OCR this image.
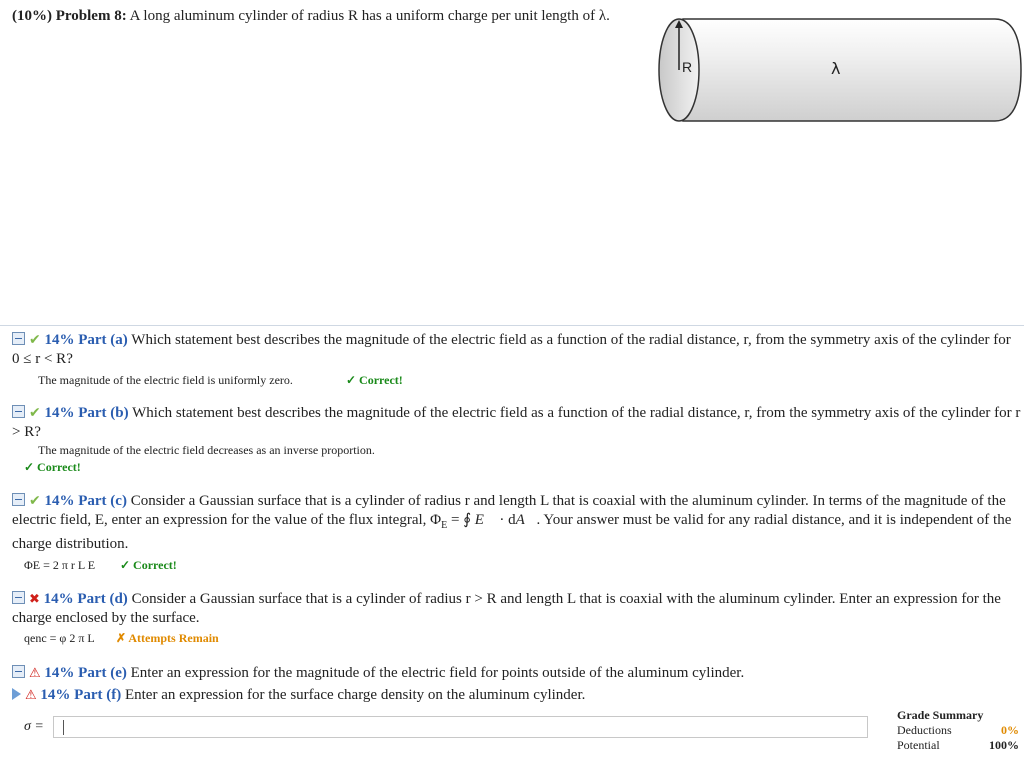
(10%) Problem 8: A long aluminum cylinder of radius R has a uniform charge per unit length of λ.
R	λ
✔ 14% Part (a) Which statement best describes the magnitude of the electric field as a function of the radial distance, r, from the symmetry axis of the cylinder for 0 ≤ r < R?
The magnitude of the electric field is uniformly zero.	✓ Correct!
✔ 14% Part (b) Which statement best describes the magnitude of the electric field as a function of the radial distance, r, from the symmetry axis of the cylinder for r > R?
The magnitude of the electric field decreases as an inverse proportion.
✓ Correct!
✔ 14% Part (c) Consider a Gaussian surface that is a cylinder of radius r and length L that is coaxial with the aluminum cylinder. In terms of the magnitude of the electric field, E, enter an expression for the value of the flux integral, $\Phi_E$ = ∮ E⃗ · dA⃗. Your answer must be valid for any radial distance, and it is independent of the charge distribution.
ΦE = 2 π r L E ✓ Correct!
✖ 14% Part (d) Consider a Gaussian surface that is a cylinder of radius r > R and length L that is coaxial with the aluminum cylinder. Enter an expression for the charge enclosed by the surface.
qenc = φ 2 π L ✗ Attempts Remain
⚠ 14% Part (e) Enter an expression for the magnitude of the electric field for points outside of the aluminum cylinder.
⚠ 14% Part (f) Enter an expression for the surface charge density on the aluminum cylinder.
σ =
Grade Summary
Deductions	0%
Potential	100%
